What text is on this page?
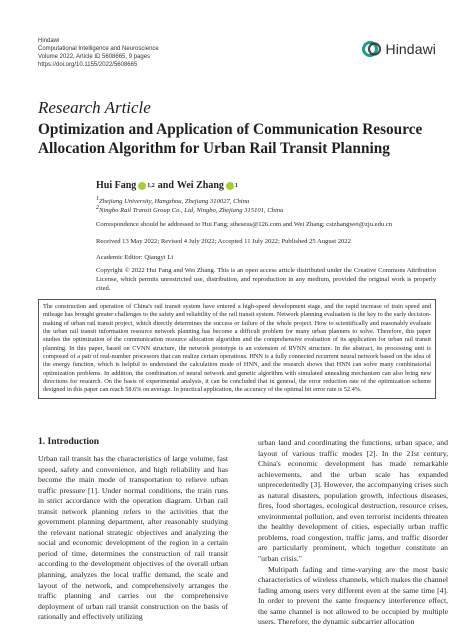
Hindawi
Computational Intelligence and Neuroscience
Volume 2022, Article ID 5608665, 9 pages
https://doi.org/10.1155/2022/5608665
Hindawi
Research Article
Optimization and Application of Communication Resource Allocation Algorithm for Urban Rail Transit Planning
Hui Fang 1,2 and Wei Zhang 1
1Zhejiang University, Hangzhou, Zhejiang 310027, China
2Ningbo Rail Transit Group Co., Ltd, Ningbo, Zhejiang 315101, China
Correspondence should be addressed to Hui Fang; stheseus@126.com and Wei Zhang; cstzhangwei@zju.edu.cn
Received 13 May 2022; Revised 4 July 2022; Accepted 11 July 2022; Published 25 August 2022
Academic Editor: Qiangyi Li
Copyright © 2022 Hui Fang and Wei Zhang. This is an open access article distributed under the Creative Commons Attribution License, which permits unrestricted use, distribution, and reproduction in any medium, provided the original work is properly cited.
The construction and operation of China's rail transit system have entered a high-speed development stage, and the rapid increase of train speed and mileage has brought greater challenges to the safety and reliability of the rail transit system. Network planning evaluation is the key to the early decision-making of urban rail transit project, which directly determines the success or failure of the whole project. How to scientifically and reasonably evaluate the urban rail transit information resource network planning has become a difficult problem for many urban planners to solve. Therefore, this paper studies the optimization of the communication resource allocation algorithm and the comprehensive evaluation of its application for urban rail transit planning. In this paper, based on CVNN structure, the network prototype is an extension of RVNN structure. In the abstract, its processing unit is composed of a pair of real-number processors that can realize certain operations. HNN is a fully connected recurrent neural network based on the idea of the energy function, which is helpful to understand the calculation mode of HNN, and the research shows that HNN can solve many combinatorial optimization problems. In addition, the combination of neural network and genetic algorithm with simulated annealing mechanism can also bring new directions for research. On the basis of experimental analysis, it can be concluded that in general, the error reduction rate of the optimization scheme designed in this paper can reach 58.6% on average. In practical application, the accuracy of the optimal bit error rate is 52.4%.
1. Introduction

Urban rail transit has the characteristics of large volume, fast speed, safety and convenience, and high reliability and has become the main mode of transportation to relieve urban traffic pressure [1]. Under normal conditions, the train runs in strict accordance with the operation diagram. Urban rail transit network planning refers to the activities that the government planning department, after reasonably studying the relevant national strategic objectives and analyzing the social and economic development of the region in a certain period of time, determines the construction of rail transit according to the development objectives of the overall urban planning, analyzes the local traffic demand, the scale and layout of the network, and comprehensively arranges the traffic planning and carries out the comprehensive deployment of urban rail transit construction on the basis of rationally and effectively utilizing

urban land and coordinating the functions, urban space, and layout of various traffic modes [2]. In the 21st century, China's economic development has made remarkable achievements, and the urban scale has expanded unprecedentedly [3]. However, the accompanying crises such as natural disasters, population growth, infectious diseases, fires, food shortages, ecological destruction, resource crises, environmental pollution, and even terrorist incidents threaten the healthy development of cities, especially urban traffic problems, road congestion, traffic jams, and traffic disorder are particularly prominent, which together constitute an "urban crisis."

Multipath fading and time-varying are the most basic characteristics of wireless channels, which makes the channel fading among users very different even at the same time [4]. In order to prevent the same frequency interference effect, the same channel is not allowed to be occupied by multiple users. Therefore, the dynamic subcarrier allocation
